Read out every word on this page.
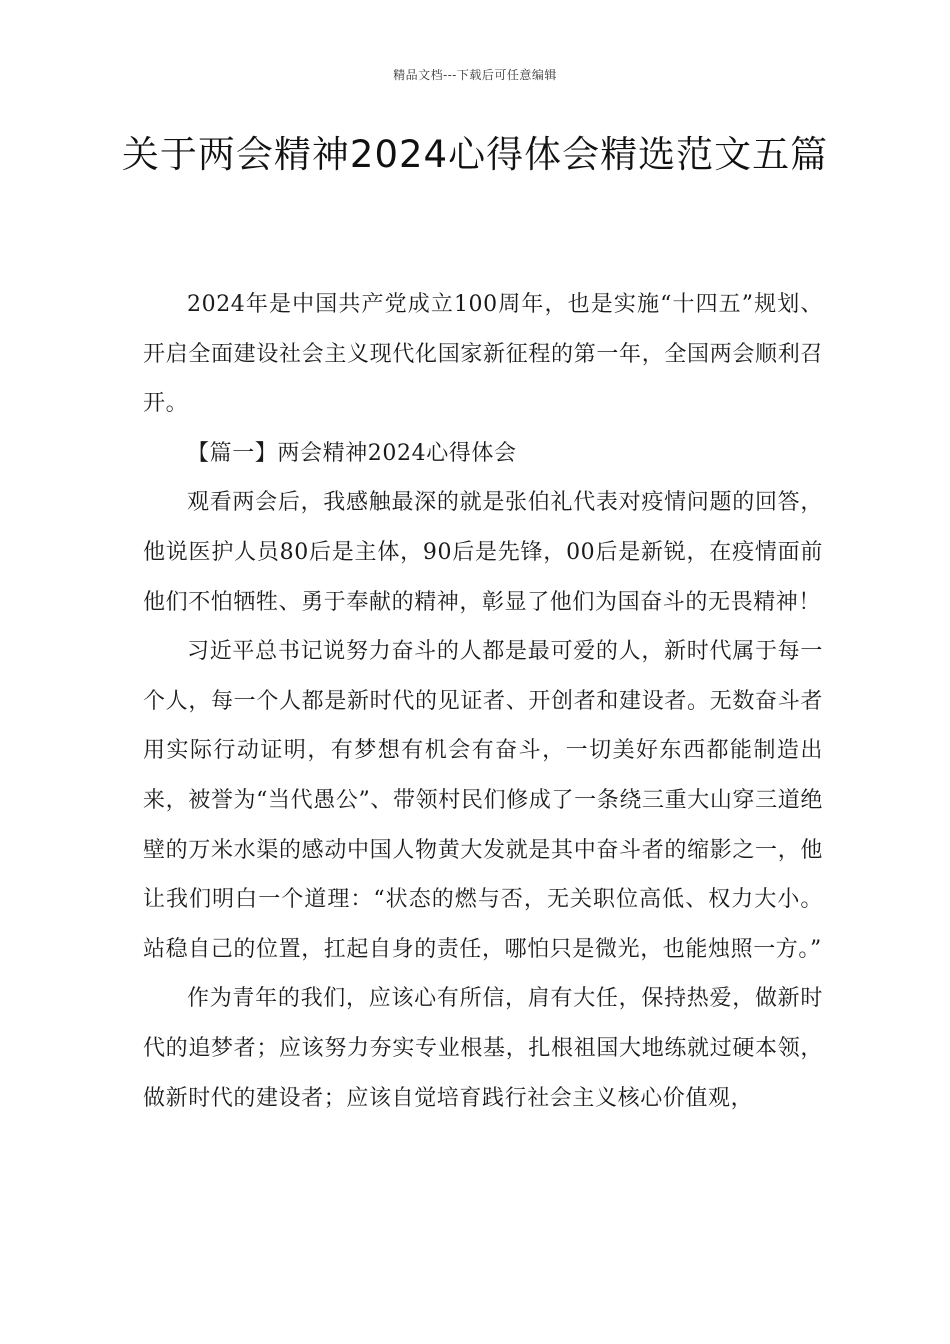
精品文档---下载后可任意编辑
关于两会精神2024心得体会精选范文五篇

2024年是中国共产党成立100周年，也是实施“十四五”规划、开启全面建设社会主义现代化国家新征程的第一年，全国两会顺利召开。

【篇一】两会精神2024心得体会

观看两会后，我感触最深的就是张伯礼代表对疫情问题的回答，他说医护人员80后是主体，90后是先锋，00后是新锐，在疫情面前他们不怕牺牲、勇于奉献的精神，彰显了他们为国奋斗的无畏精神！

习近平总书记说努力奋斗的人都是最可爱的人，新时代属于每一个人，每一个人都是新时代的见证者、开创者和建设者。无数奋斗者用实际行动证明，有梦想有机会有奋斗，一切美好东西都能制造出来，被誉为“当代愚公”、带领村民们修成了一条绕三重大山穿三道绝壁的万米水渠的感动中国人物黄大发就是其中奋斗者的缩影之一，他让我们明白一个道理：“状态的燃与否，无关职位高低、权力大小。站稳自己的位置，扛起自身的责任，哪怕只是微光，也能烛照一方。”

作为青年的我们，应该心有所信，肩有大任，保持热爱，做新时代的追梦者；应该努力夯实专业根基，扎根祖国大地练就过硬本领，做新时代的建设者；应该自觉培育践行社会主义核心价值观，
